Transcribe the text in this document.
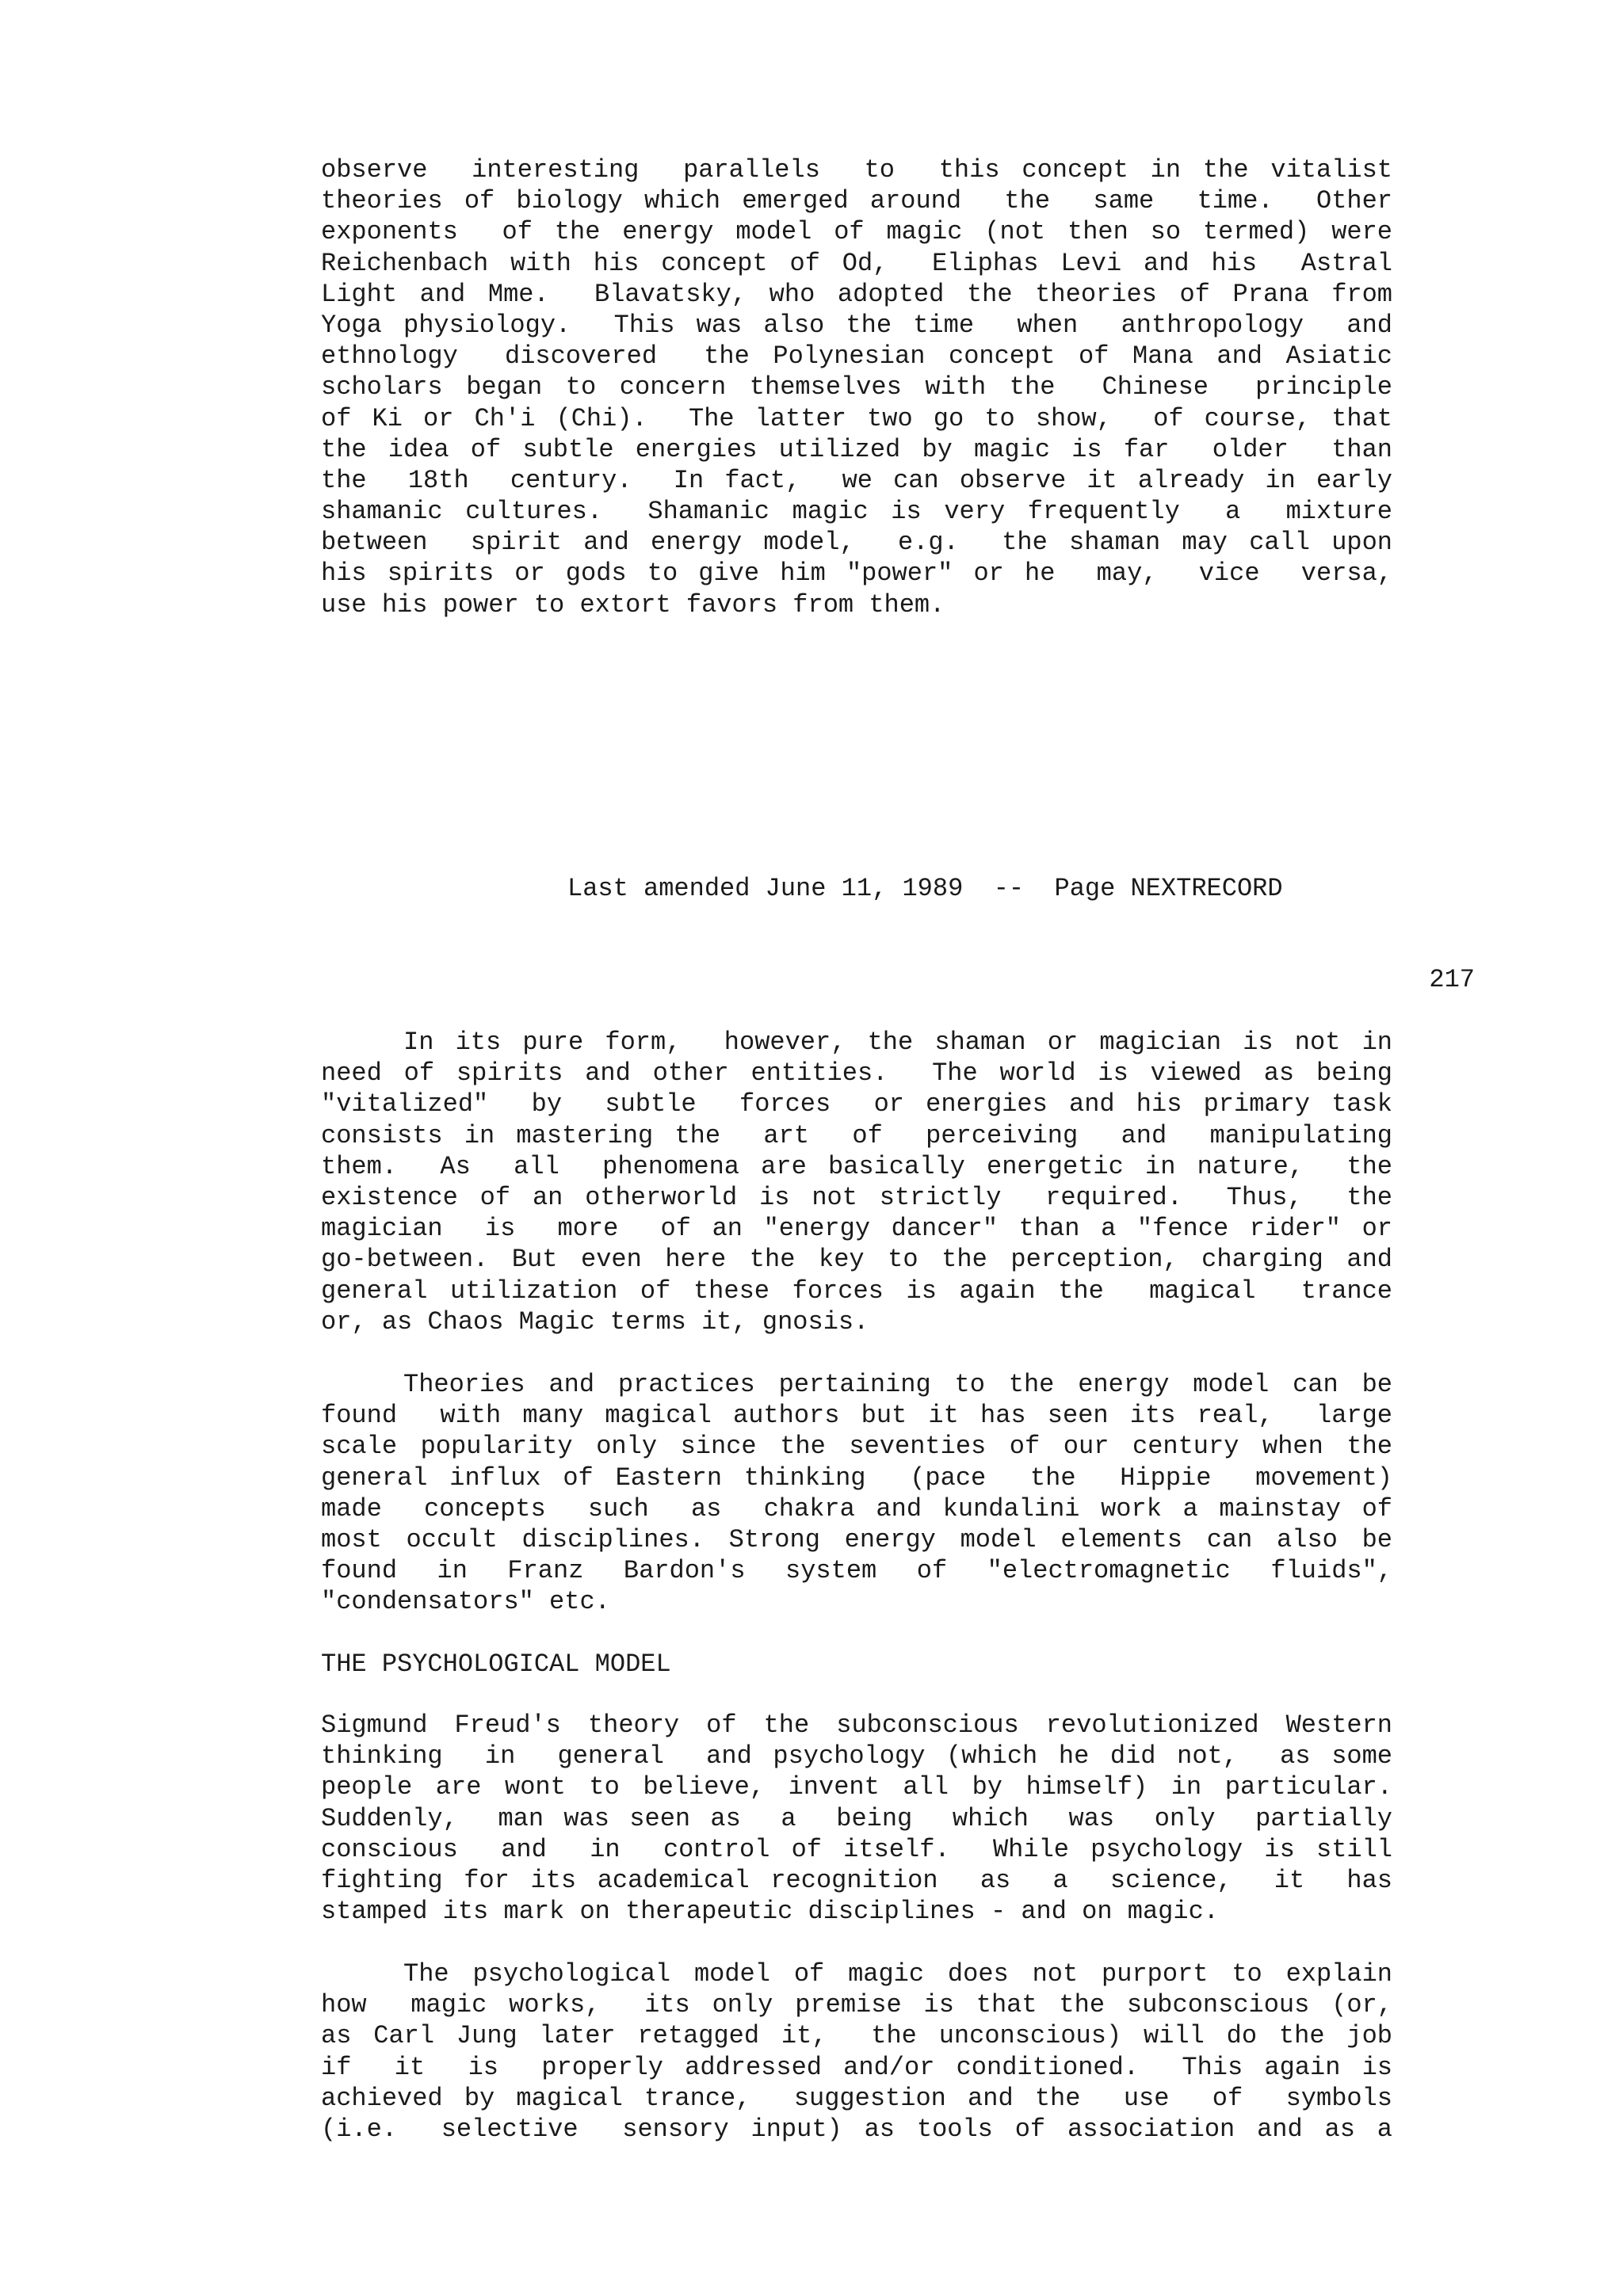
observe  interesting  parallels  to  this concept in the vitalist
theories of biology which emerged around  the  same  time.  Other
exponents  of the energy model of magic (not then so termed) were
Reichenbach with his concept of Od,  Eliphas Levi and his  Astral
Light and Mme.  Blavatsky, who adopted the theories of Prana from
Yoga physiology.  This was also the time  when  anthropology  and
ethnology  discovered  the Polynesian concept of Mana and Asiatic
scholars began to concern themselves with the  Chinese  principle
of Ki or Ch'i (Chi).  The latter two go to show,  of course, that
the idea of subtle energies utilized by magic is far  older  than
the  18th  century.  In fact,  we can observe it already in early
shamanic cultures.  Shamanic magic is very frequently  a  mixture
between  spirit and energy model,  e.g.  the shaman may call upon
his spirits or gods to give him "power" or he  may,  vice  versa,
use his power to extort favors from them.
Last amended June 11, 1989  --  Page NEXTRECORD
217
In its pure form,  however, the shaman or magician is not in
need of spirits and other entities.  The world is viewed as being
"vitalized"  by  subtle  forces  or energies and his primary task
consists in mastering the  art  of  perceiving  and  manipulating
them.  As  all  phenomena are basically energetic in nature,  the
existence of an otherworld is not strictly  required.  Thus,  the
magician  is  more  of an "energy dancer" than a "fence rider" or
go-between. But even here the key to the perception, charging and
general utilization of these forces is again the  magical  trance
or, as Chaos Magic terms it, gnosis.
Theories and practices pertaining to the energy model can be
found  with many magical authors but it has seen its real,  large
scale popularity only since the seventies of our century when the
general influx of Eastern thinking  (pace  the  Hippie  movement)
made  concepts  such  as  chakra and kundalini work a mainstay of
most occult disciplines. Strong energy model elements can also be
found  in  Franz  Bardon's  system  of  "electromagnetic  fluids",
"condensators" etc.
THE PSYCHOLOGICAL MODEL
Sigmund Freud's theory of the subconscious revolutionized Western
thinking  in  general  and psychology (which he did not,  as some
people are wont to believe, invent all by himself) in particular.
Suddenly,  man was seen as  a  being  which  was  only  partially
conscious  and  in  control of itself.  While psychology is still
fighting for its academical recognition  as  a  science,  it  has
stamped its mark on therapeutic disciplines - and on magic.
The psychological model of magic does not purport to explain
how  magic works,  its only premise is that the subconscious (or,
as Carl Jung later retagged it,  the unconscious) will do the job
if  it  is  properly addressed and/or conditioned.  This again is
achieved by magical trance,  suggestion and the  use  of  symbols
(i.e.  selective  sensory input) as tools of association and as a
